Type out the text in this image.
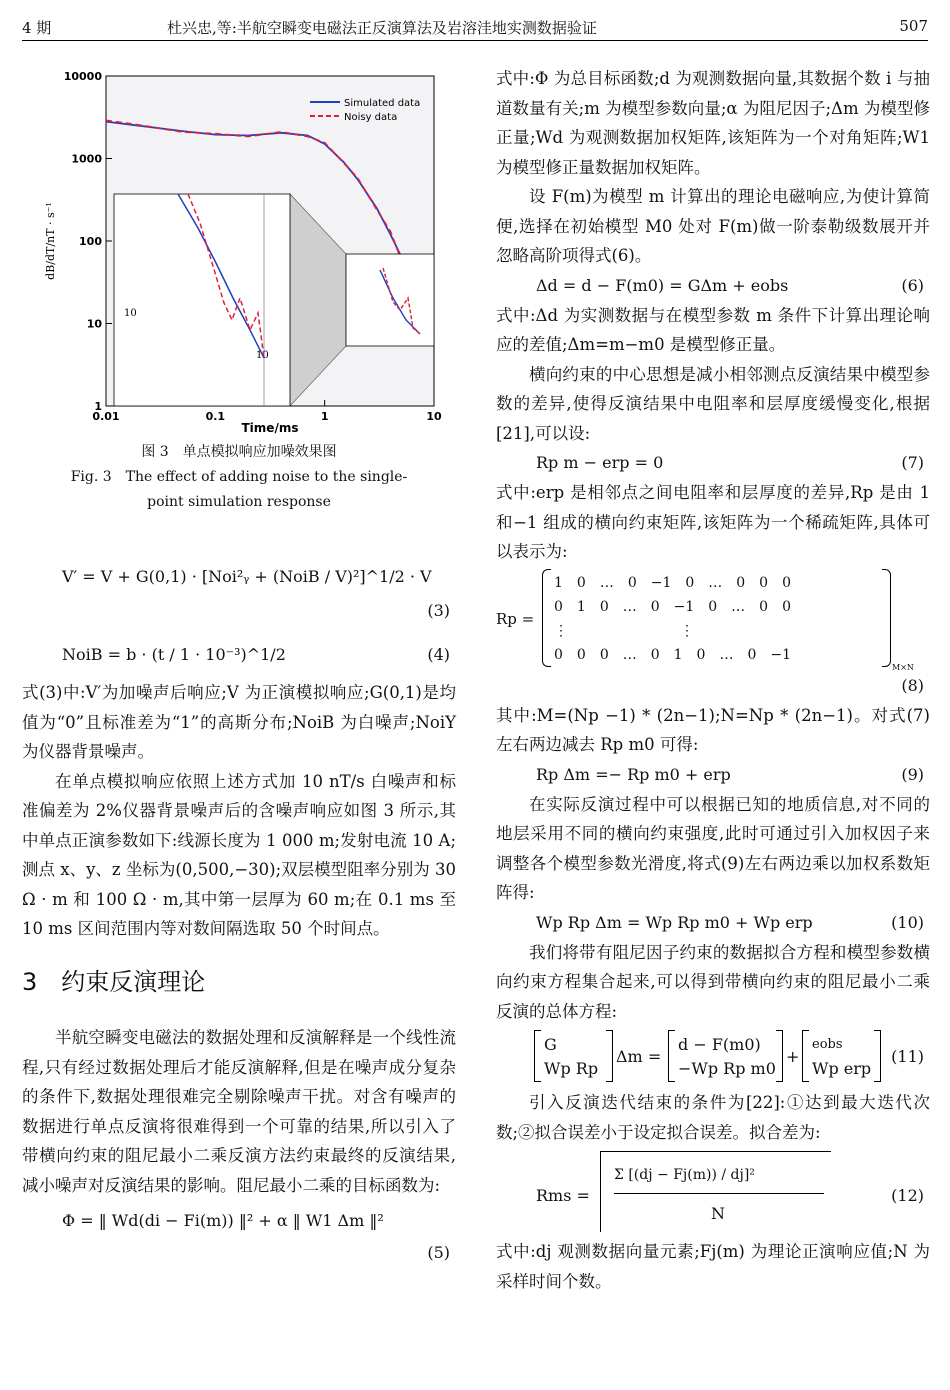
4 期	杜兴忠,等:半航空瞬变电磁法正反演算法及岩溶洼地实测数据验证	507
0.01	0.1	1	10
10000
1000
100
10
1
Simulated data
Noisy data
Time/ms
dB/dT/nT · s⁻¹
10
10
图 3　单点模拟响应加噪效果图
Fig. 3　The effect of adding noise to the single-
point simulation response
V′ = V + G(0,1) · [Noi²ᵧ + (NoiB / V)²]^1/2 · V
(3)
NoiB = b · (t / 1 · 10⁻³)^1/2	(4)

式(3)中:V′为加噪声后响应;V 为正演模拟响应;G(0,1)是均值为“0”且标准差为“1”的高斯分布;NoiB 为白噪声;NoiY 为仪器背景噪声。

在单点模拟响应依照上述方式加 10 nT/s 白噪声和标准偏差为 2%仪器背景噪声后的含噪声响应如图 3 所示,其中单点正演参数如下:线源长度为 1 000 m;发射电流 10 A;测点 x、y、z 坐标为(0,500,−30);双层模型阻率分别为 30 Ω · m 和 100 Ω · m,其中第一层厚为 60 m;在 0.1 ms 至 10 ms 区间范围内等对数间隔选取 50 个时间点。

3　约束反演理论

半航空瞬变电磁法的数据处理和反演解释是一个线性流程,只有经过数据处理后才能反演解释,但是在噪声成分复杂的条件下,数据处理很难完全剔除噪声干扰。对含有噪声的数据进行单点反演将很难得到一个可靠的结果,所以引入了带横向约束的阻尼最小二乘反演方法约束最终的反演结果,减小噪声对反演结果的影响。阻尼最小二乘的目标函数为:

Φ = ‖ Wd(di − Fi(m)) ‖² + α ‖ W1 Δm ‖²
(5)

式中:Φ 为总目标函数;d 为观测数据向量,其数据个数 i 与抽道数量有关;m 为模型参数向量;α 为阻尼因子;Δm 为模型修正量;Wd 为观测数据加权矩阵,该矩阵为一个对角矩阵;W1 为模型修正量数据加权矩阵。

设 F(m)为模型 m 计算出的理论电磁响应,为使计算简便,选择在初始模型 M0 处对 F(m)做一阶泰勒级数展开并忽略高阶项得式(6)。

Δd = d − F(m0) = GΔm + eobs	(6)

式中:Δd 为实测数据与在模型参数 m 条件下计算出理论响应的差值;Δm=m−m0 是模型修正量。

横向约束的中心思想是减小相邻测点反演结果中模型参数的差异,使得反演结果中电阻率和层厚度缓慢变化,根据[21],可以设:

Rp m − erp = 0	(7)

式中:erp 是相邻点之间电阻率和层厚度的差异,Rp 是由 1 和−1 组成的横向约束矩阵,该矩阵为一个稀疏矩阵,具体可以表示为:

Rp =
1　0　…　0　−1　0　…　0　0　0
0　1　0　…　0　−1　0　…　0　0
⋮　　　　　　　　⋮
0　0　0　…　0　1　0　…　0　−1
M×N
(8)

其中:M=(Np −1) * (2n−1);N=Np * (2n−1)。对式(7)左右两边减去 Rp m0 可得:

Rp Δm =− Rp m0 + erp	(9)

在实际反演过程中可以根据已知的地质信息,对不同的地层采用不同的横向约束强度,此时可通过引入加权因子来调整各个模型参数光滑度,将式(9)左右两边乘以加权系数矩阵得:

Wp Rp Δm = Wp Rp m0 + Wp erp	(10)

我们将带有阻尼因子约束的数据拟合方程和模型参数横向约束方程集合起来,可以得到带横向约束的阻尼最小二乘反演的总体方程:

G
Wp Rp
Δm =
d − F(m0)
−Wp Rp m0
+
eobs
Wp erp
(11)

引入反演迭代结束的条件为[22]:①达到最大迭代次数;②拟合误差小于设定拟合误差。拟合差为:

Rms =
Σ [(dj − Fj(m)) / dj]²
N
(12)

式中:dj 观测数据向量元素;Fj(m) 为理论正演响应值;N 为采样时间个数。
